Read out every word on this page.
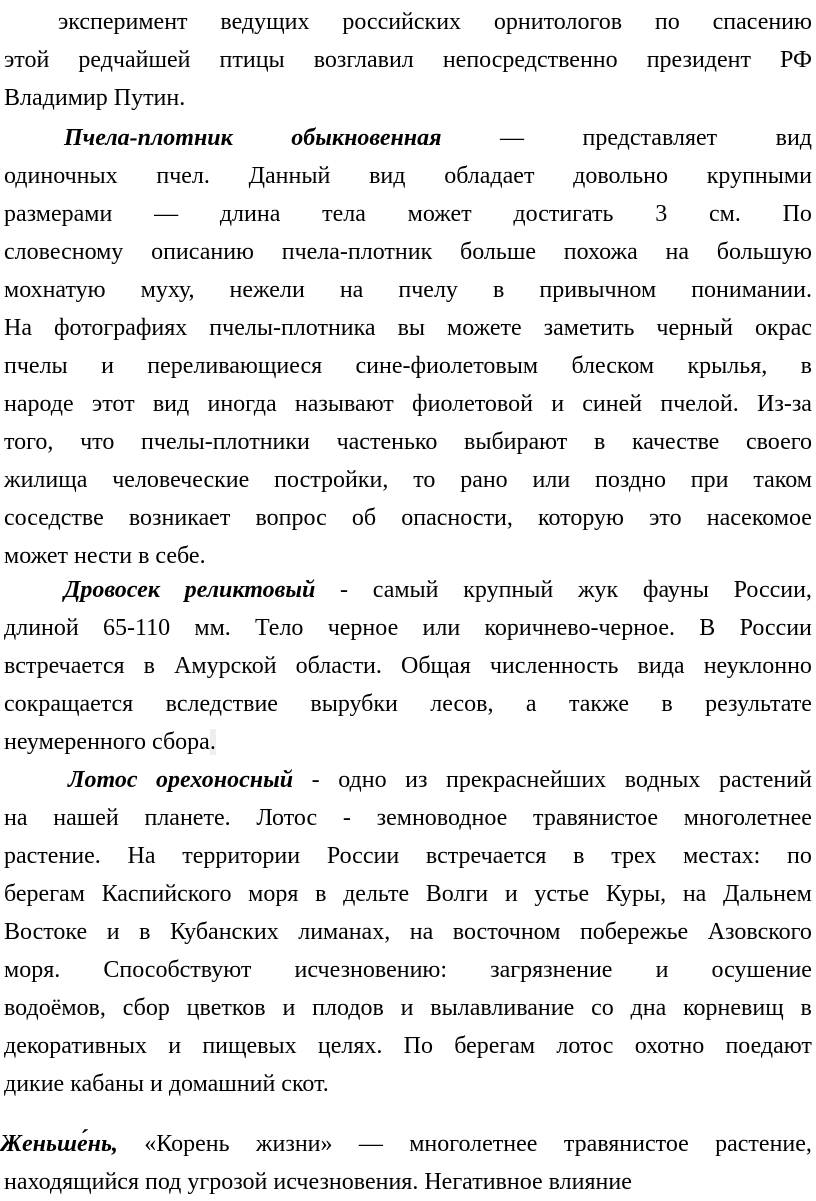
эксперимент ведущих российских орнитологов по спасению
этой редчайшей птицы возглавил непосредственно президент РФ
Владимир Путин.
Пчела-плотник обыкновенная — представляет вид
одиночных пчел. Данный вид обладает довольно крупными
размерами — длина тела может достигать 3 см. По
словесному описанию пчела-плотник больше похожа на большую
мохнатую муху, нежели на пчелу в привычном понимании.
На фотографиях пчелы-плотника вы можете заметить черный окрас
пчелы и переливающиеся сине-фиолетовым блеском крылья, в
народе этот вид иногда называют фиолетовой и синей пчелой. Из-за
того, что пчелы-плотники частенько выбирают в качестве своего
жилища человеческие постройки, то рано или поздно при таком
соседстве возникает вопрос об опасности, которую это насекомое
может нести в себе.
Дровосек реликтовый - самый крупный жук фауны России,
длиной 65-110 мм. Тело черное или коричнево-черное. В России
встречается в Амурской области. Общая численность вида неуклонно
сокращается вследствие вырубки лесов, а также в результате
неумеренного сбора.
Лотос орехоносный - одно из прекраснейших водных растений
на нашей планете. Лотос - земноводное травянистое многолетнее
растение. На территории России встречается в трех местах: по
берегам Каспийского моря в дельте Волги и устье Куры, на Дальнем
Востоке и в Кубанских лиманах, на восточном побережье Азовского
моря. Способствуют исчезновению: загрязнение и осушение
водоёмов, сбор цветков и плодов и вылавливание со дна корневищ в
декоративных и пищевых целях. По берегам лотос охотно поедают
дикие кабаны и домашний скот.
Женьше́нь, «Корень жизни» — многолетнее травянистое растение,
находящийся под угрозой исчезновения. Негативное влияние
